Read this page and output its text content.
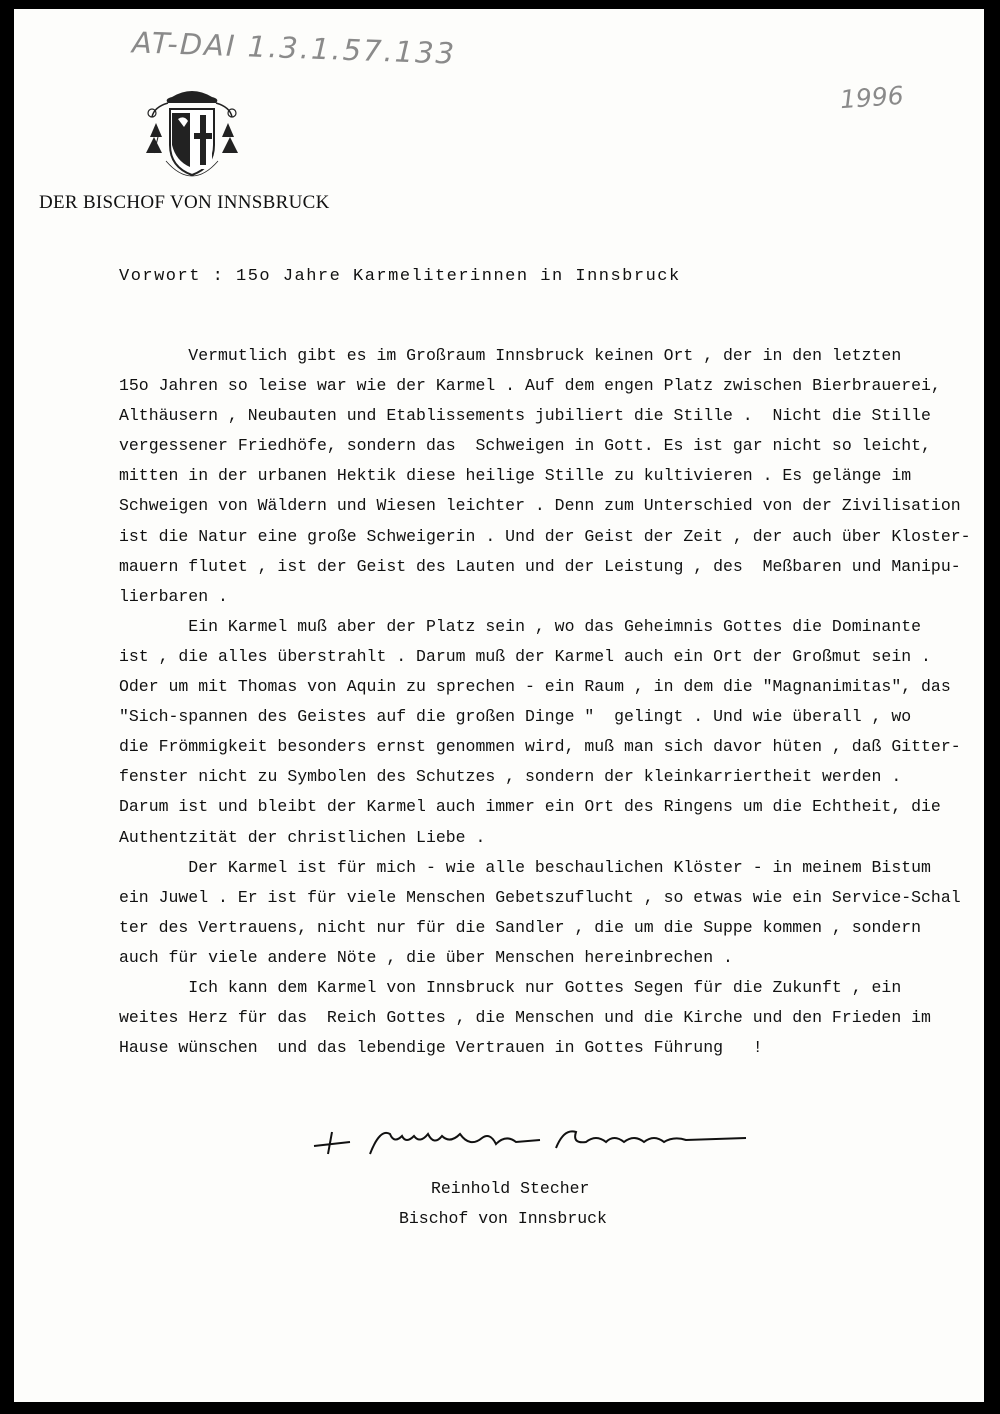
AT-DAI 1.3.1.57.133
1996
DER BISCHOF VON INNSBRUCK
Vorwort : 15o Jahre Karmeliterinnen in Innsbruck
Vermutlich gibt es im Großraum Innsbruck keinen Ort , der in den letzten
15o Jahren so leise war wie der Karmel . Auf dem engen Platz zwischen Bierbrauerei,
Althäusern , Neubauten und Etablissements jubiliert die Stille .  Nicht die Stille
vergessener Friedhöfe, sondern das  Schweigen in Gott. Es ist gar nicht so leicht,
mitten in der urbanen Hektik diese heilige Stille zu kultivieren . Es gelänge im
Schweigen von Wäldern und Wiesen leichter . Denn zum Unterschied von der Zivilisation
ist die Natur eine große Schweigerin . Und der Geist der Zeit , der auch über Kloster-
mauern flutet , ist der Geist des Lauten und der Leistung , des  Meßbaren und Manipu-
lierbaren .
Ein Karmel muß aber der Platz sein , wo das Geheimnis Gottes die Dominante
ist , die alles überstrahlt . Darum muß der Karmel auch ein Ort der Großmut sein .
Oder um mit Thomas von Aquin zu sprechen - ein Raum , in dem die "Magnanimitas", das
"Sich-spannen des Geistes auf die großen Dinge "  gelingt . Und wie überall , wo
die Frömmigkeit besonders ernst genommen wird, muß man sich davor hüten , daß Gitter-
fenster nicht zu Symbolen des Schutzes , sondern der kleinkarriertheit werden .
Darum ist und bleibt der Karmel auch immer ein Ort des Ringens um die Echtheit, die
Authentzität der christlichen Liebe .
Der Karmel ist für mich - wie alle beschaulichen Klöster - in meinem Bistum
ein Juwel . Er ist für viele Menschen Gebetszuflucht , so etwas wie ein Service-Schal
ter des Vertrauens, nicht nur für die Sandler , die um die Suppe kommen , sondern
auch für viele andere Nöte , die über Menschen hereinbrechen .
Ich kann dem Karmel von Innsbruck nur Gottes Segen für die Zukunft , ein
weites Herz für das  Reich Gottes , die Menschen und die Kirche und den Frieden im
Hause wünschen  und das lebendige Vertrauen in Gottes Führung   !
Reinhold Stecher
Bischof von Innsbruck
